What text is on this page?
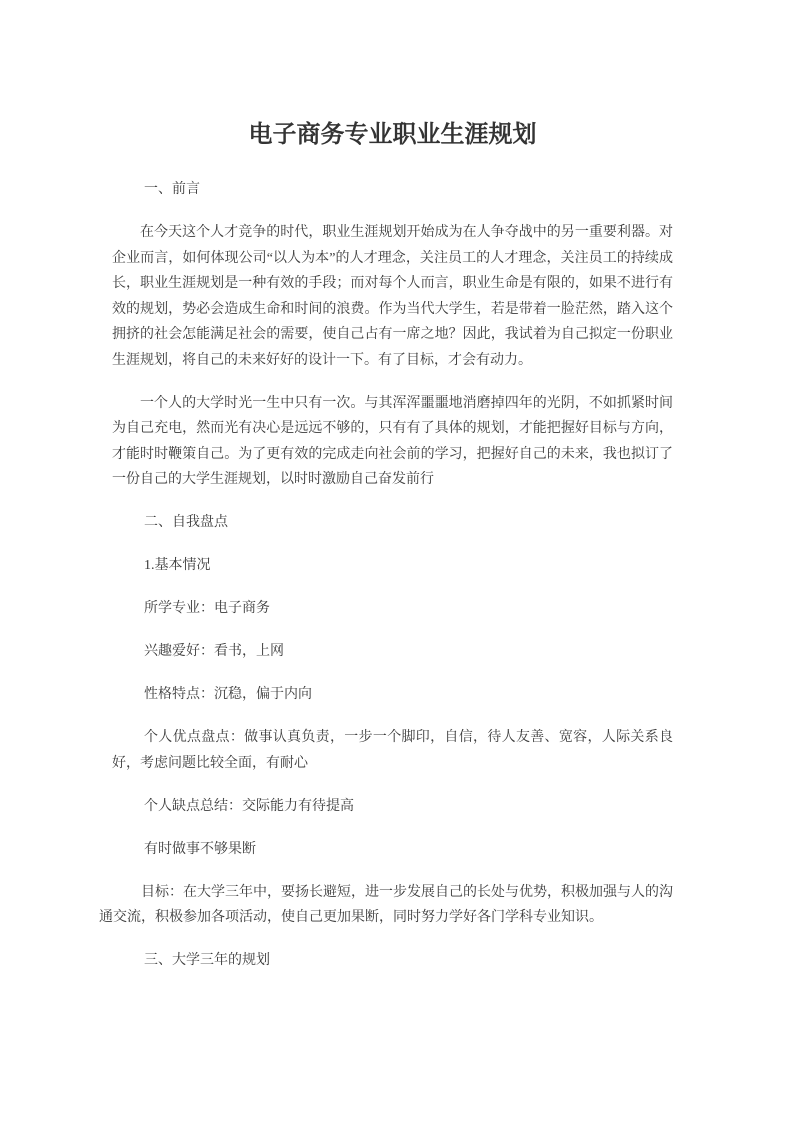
电子商务专业职业生涯规划

一、前言

在今天这个人才竞争的时代，职业生涯规划开始成为在人争夺战中的另一重要利器。对企业而言，如何体现公司“以人为本”的人才理念，关注员工的人才理念，关注员工的持续成长，职业生涯规划是一种有效的手段；而对每个人而言，职业生命是有限的，如果不进行有效的规划，势必会造成生命和时间的浪费。作为当代大学生，若是带着一脸茫然，踏入这个拥挤的社会怎能满足社会的需要，使自己占有一席之地？因此，我试着为自己拟定一份职业生涯规划，将自己的未来好好的设计一下。有了目标，才会有动力。

一个人的大学时光一生中只有一次。与其浑浑噩噩地消磨掉四年的光阴，不如抓紧时间为自己充电，然而光有决心是远远不够的，只有有了具体的规划，才能把握好目标与方向，才能时时鞭策自己。为了更有效的完成走向社会前的学习，把握好自己的未来，我也拟订了一份自己的大学生涯规划，以时时激励自己奋发前行

二、自我盘点

1.基本情况

所学专业：电子商务

兴趣爱好：看书，上网

性格特点：沉稳，偏于内向

个人优点盘点：做事认真负责，一步一个脚印，自信，待人友善、宽容，人际关系良好，考虑问题比较全面，有耐心

个人缺点总结：交际能力有待提高

有时做事不够果断

目标：在大学三年中，要扬长避短，进一步发展自己的长处与优势，积极加强与人的沟通交流，积极参加各项活动，使自己更加果断，同时努力学好各门学科专业知识。

三、大学三年的规划
